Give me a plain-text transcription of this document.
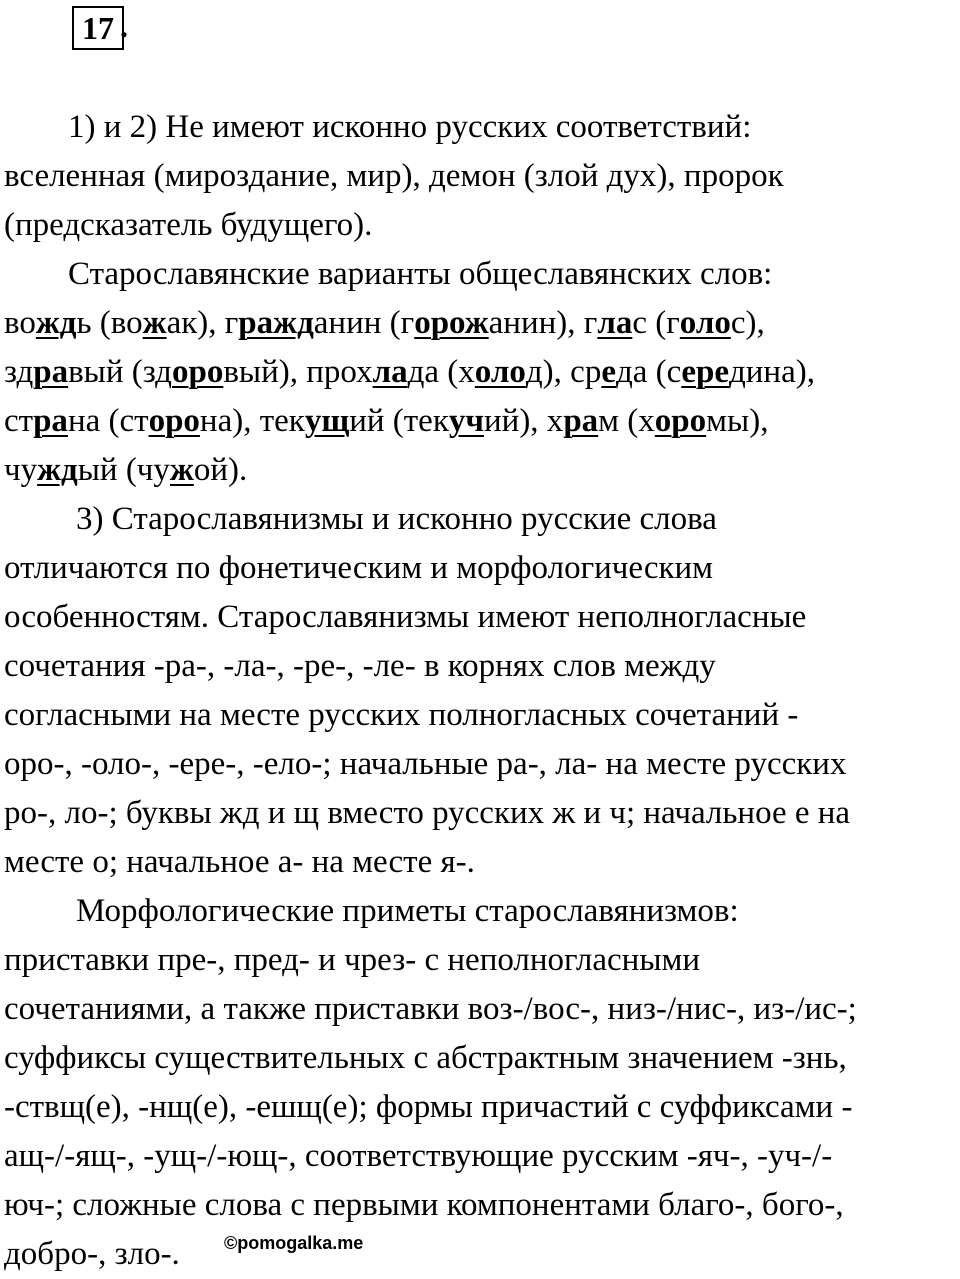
17 .
1) и 2) Не имеют исконно русских соответствий:
вселенная (мироздание, мир), демон (злой дух), пророк
(предсказатель будущего).
Старославянские варианты общеславянских слов:
вождь (вожак), гражданин (горожанин), глас (голос),
здравый (здоровый), прохлада (холод), среда (середина),
страна (сторона), текущий (текучий), храм (хоромы),
чуждый (чужой).
3) Старославянизмы и исконно русские слова
отличаются по фонетическим и морфологическим
особенностям. Старославянизмы имеют неполногласные
сочетания -ра-, -ла-, -ре-, -ле- в корнях слов между
согласными на месте русских полногласных сочетаний -
оро-, -оло-, -ере-, -ело-; начальные ра-, ла- на месте русских
ро-, ло-; буквы жд и щ вместо русских ж и ч; начальное е на
месте о; начальное а- на месте я-.
Морфологические приметы старославянизмов:
приставки пре-, пред- и чрез- с неполногласными
сочетаниями, а также приставки воз-/вос-, низ-/нис-, из-/ис-;
суффиксы существительных с абстрактным значением -знь,
-ствщ(е), -нщ(е), -ешщ(е); формы причастий с суффиксами -
ащ-/-ящ-, -ущ-/-ющ-, соответствующие русским -яч-, -уч-/-
юч-; сложные слова с первыми компонентами благо-, бого-,
добро-, зло-.	©pomogalka.me
